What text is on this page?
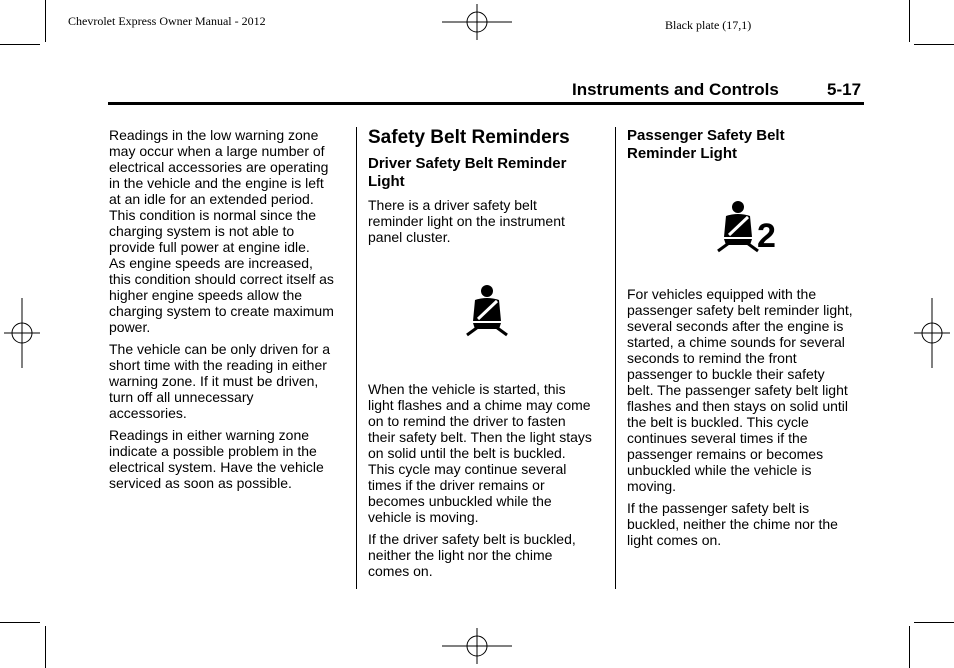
Chevrolet Express Owner Manual - 2012	Black plate (17,1)
Instruments and Controls	5-17

Readings in the low warning zone
may occur when a large number of
electrical accessories are operating
in the vehicle and the engine is left
at an idle for an extended period.
This condition is normal since the
charging system is not able to
provide full power at engine idle.
As engine speeds are increased,
this condition should correct itself as
higher engine speeds allow the
charging system to create maximum
power.

The vehicle can be only driven for a
short time with the reading in either
warning zone. If it must be driven,
turn off all unnecessary
accessories.

Readings in either warning zone
indicate a possible problem in the
electrical system. Have the vehicle
serviced as soon as possible.

Safety Belt Reminders
Driver Safety Belt Reminder
Light

There is a driver safety belt
reminder light on the instrument
panel cluster.

When the vehicle is started, this
light flashes and a chime may come
on to remind the driver to fasten
their safety belt. Then the light stays
on solid until the belt is buckled.
This cycle may continue several
times if the driver remains or
becomes unbuckled while the
vehicle is moving.

If the driver safety belt is buckled,
neither the light nor the chime
comes on.

Passenger Safety Belt
Reminder Light
2

For vehicles equipped with the
passenger safety belt reminder light,
several seconds after the engine is
started, a chime sounds for several
seconds to remind the front
passenger to buckle their safety
belt. The passenger safety belt light
flashes and then stays on solid until
the belt is buckled. This cycle
continues several times if the
passenger remains or becomes
unbuckled while the vehicle is
moving.

If the passenger safety belt is
buckled, neither the chime nor the
light comes on.
